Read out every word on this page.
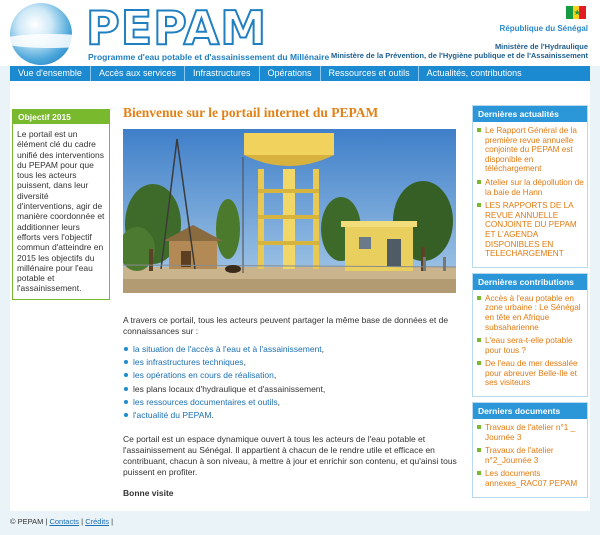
PEPAM
Programme d'eau potable et d'assainissement du Millénaire
★
République du Sénégal
Ministère de l'Hydraulique
Ministère de la Prévention, de l'Hygiène publique et de l'Assainissement
Vue d'ensemble	Accès aux services	Infrastructures	Opérations	Ressources et outils	Actualités, contributions
Objectif 2015
Le portail est un élément clé du cadre unifié des interventions du PEPAM pour que tous les acteurs puissent, dans leur diversité d'interventions, agir de manière coordonnée et additionner leurs efforts vers l'objectif commun d'atteindre en 2015 les objectifs du millénaire pour l'eau potable et l'assainissement.
Bienvenue sur le portail internet du PEPAM

A travers ce portail, tous les acteurs peuvent partager la même base de données et de connaissances sur :

la situation de l'accès à l'eau et à l'assainissement,
les infrastructures techniques,
les opérations en cours de réalisation,
les plans locaux d'hydraulique et d'assainissement,
les ressources documentaires et outils,
l'actualité du PEPAM.

Ce portail est un espace dynamique ouvert à tous les acteurs de l'eau potable et l'assainissement au Sénégal. Il appartient à chacun de le rendre utile et efficace en contribuant, chacun à son niveau, à mettre à jour et enrichir son contenu, et qu'ainsi tous puissent en profiter.

Bonne visite

Dernières actualités
Le Rapport Général de la première revue annuelle conjointe du PEPAM est disponible en téléchargement
Atelier sur la dépollution de la baie de Hann
LES RAPPORTS DE LA REVUE ANNUELLE CONJOINTE DU PEPAM ET L'AGENDA DISPONIBLES EN TELECHARGEMENT
Dernières contributions
Accès à l'eau potable en zone urbaine : Le Sénégal en tête en Afrique subsaharienne
L'eau sera-t-elle potable pour tous ?
De l'eau de mer dessalée pour abreuver Belle-Ile et ses visiteurs
Derniers documents
Travaux de l'atelier n°1 _ Journée 3
Travaux de l'atelier n°2_Journée 3
Les documents annexes_RAC07 PEPAM
© PEPAM | Contacts | Crédits |
